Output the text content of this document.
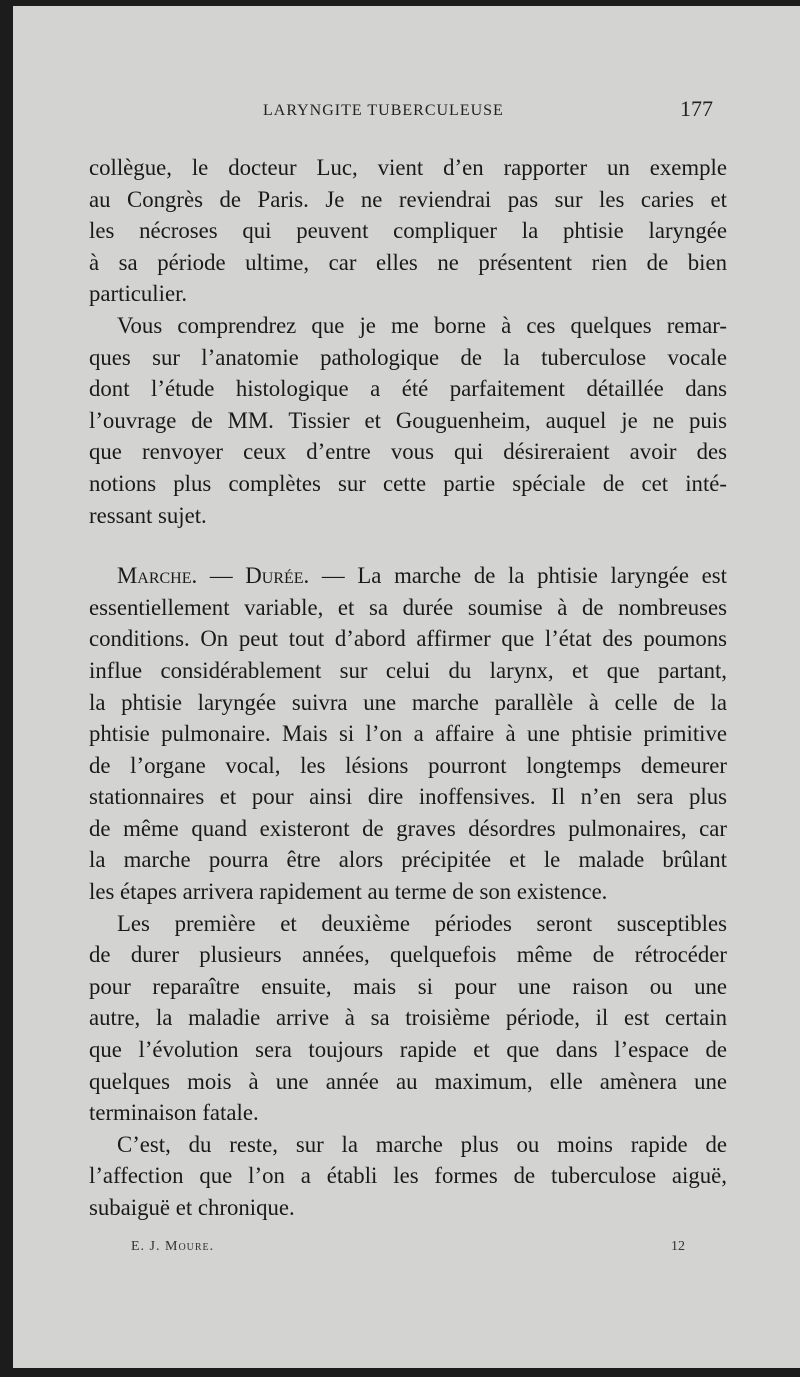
LARYNGITE TUBERCULEUSE	177
collègue, le docteur Luc, vient d’en rapporter un exemple
au Congrès de Paris. Je ne reviendrai pas sur les caries et
les nécroses qui peuvent compliquer la phtisie laryngée
à sa période ultime, car elles ne présentent rien de bien
particulier.
Vous comprendrez que je me borne à ces quelques remar-
ques sur l’anatomie pathologique de la tuberculose vocale
dont l’étude histologique a été parfaitement détaillée dans
l’ouvrage de MM. Tissier et Gouguenheim, auquel je ne puis
que renvoyer ceux d’entre vous qui désireraient avoir des
notions plus complètes sur cette partie spéciale de cet inté-
ressant sujet.
Marche. — Durée. — La marche de la phtisie laryngée est
essentiellement variable, et sa durée soumise à de nombreuses
conditions. On peut tout d’abord affirmer que l’état des poumons
influe considérablement sur celui du larynx, et que partant,
la phtisie laryngée suivra une marche parallèle à celle de la
phtisie pulmonaire. Mais si l’on a affaire à une phtisie primitive
de l’organe vocal, les lésions pourront longtemps demeurer
stationnaires et pour ainsi dire inoffensives. Il n’en sera plus
de même quand existeront de graves désordres pulmonaires, car
la marche pourra être alors précipitée et le malade brûlant
les étapes arrivera rapidement au terme de son existence.
Les première et deuxième périodes seront susceptibles
de durer plusieurs années, quelquefois même de rétrocéder
pour reparaître ensuite, mais si pour une raison ou une
autre, la maladie arrive à sa troisième période, il est certain
que l’évolution sera toujours rapide et que dans l’espace de
quelques mois à une année au maximum, elle amènera une
terminaison fatale.
C’est, du reste, sur la marche plus ou moins rapide de
l’affection que l’on a établi les formes de tuberculose aiguë,
subaiguë et chronique.
E. J. Moure.	12
